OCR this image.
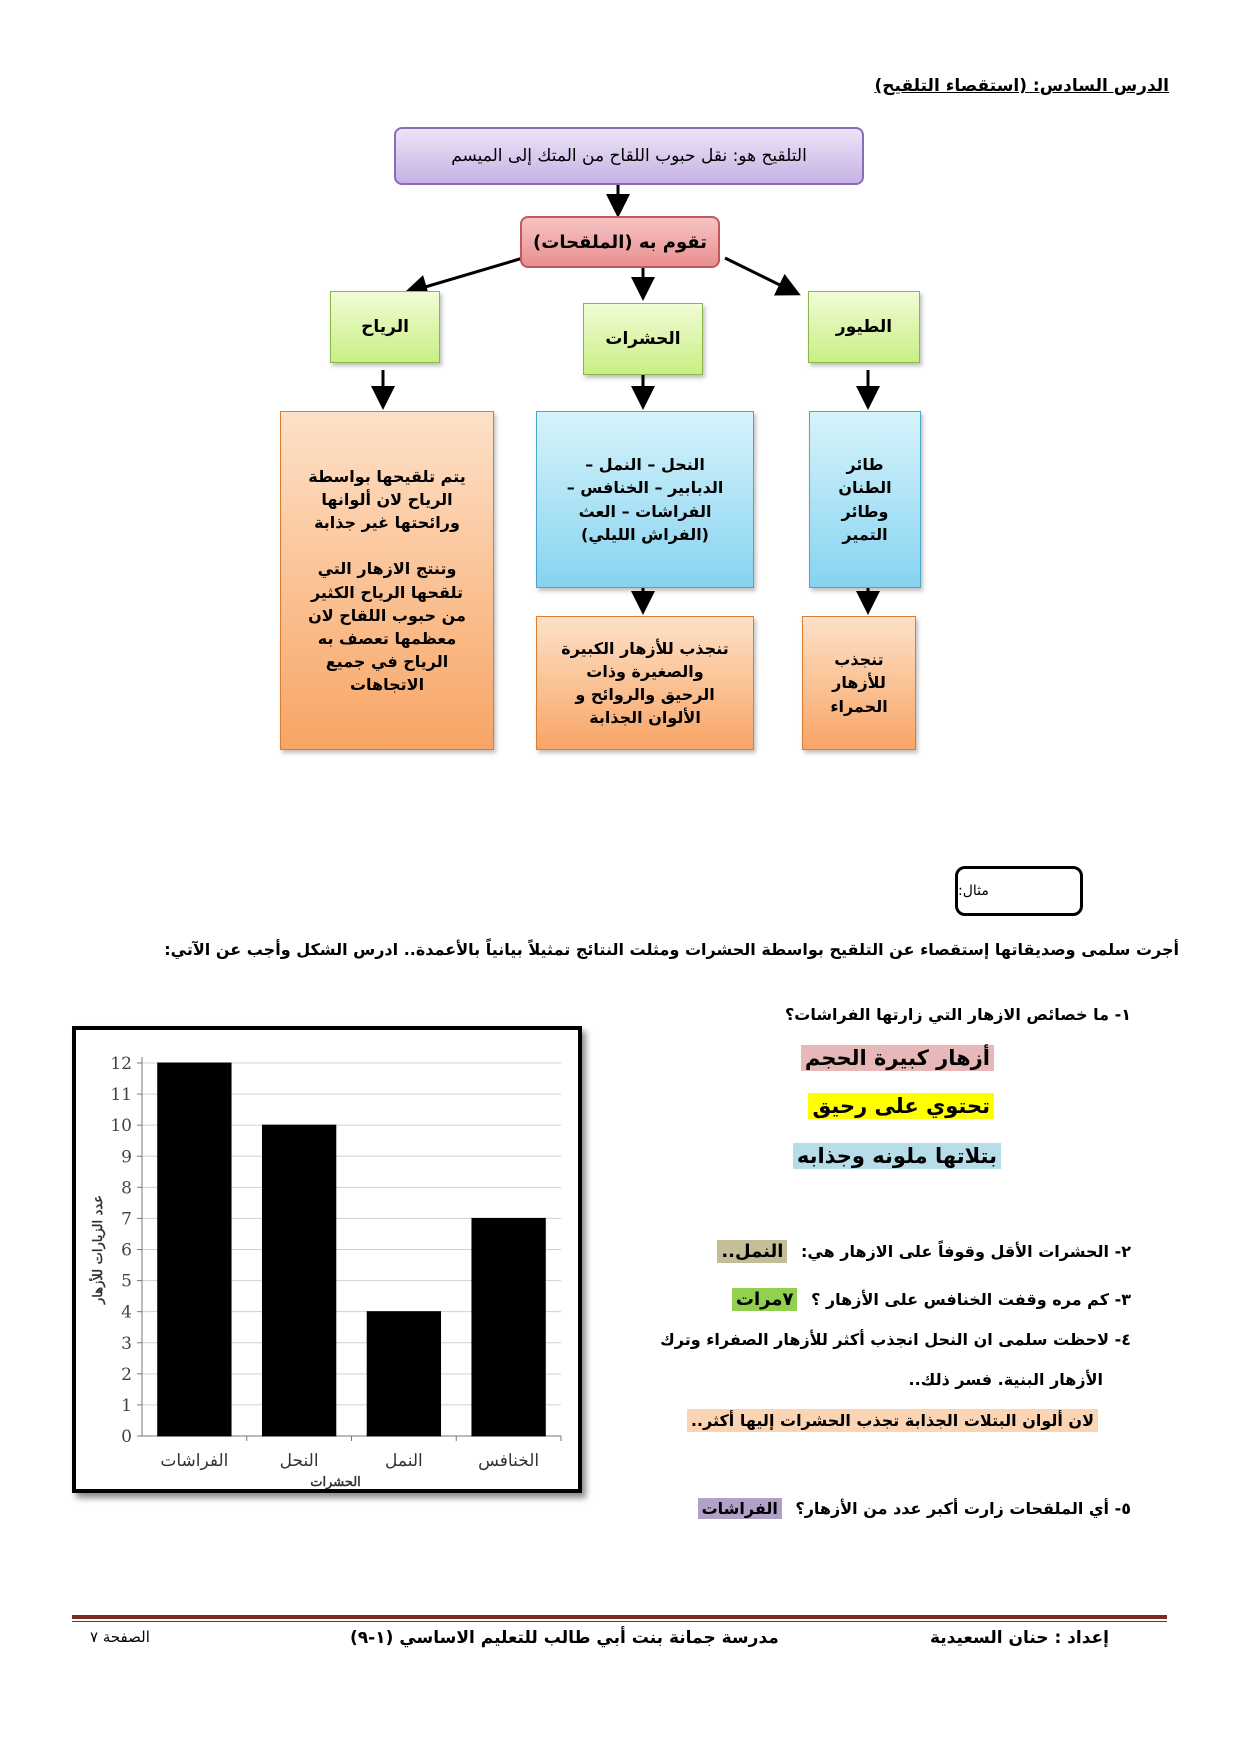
الدرس السادس: (استقصاء التلقيح)
التلقيح هو: نقل حبوب اللقاح من المتك إلى الميسم
تقوم به (الملقحات)
الرياح
الحشرات
الطيور
يتم تلقيحها بواسطة
الرياح لان ألوانها
ورائحتها غير جذابة

وتنتج الازهار التي
تلقحها الرياح الكثير
من حبوب اللقاح لان
معظمها تعصف به
الرياح في جميع
الاتجاهات
النحل – النمل –
الدبابير – الخنافس –
الفراشات – العث
(الفراش الليلي)
طائر
الطنان
وطائر
التمير
تنجذب للأزهار الكبيرة
والصغيرة وذات
الرحيق والروائح و
الألوان الجذابة
تنجذب
للأزهار
الحمراء
مثال:
أجرت سلمى وصديقاتها إستقصاء عن التلقيح بواسطة الحشرات ومثلت النتائج تمثيلاً بيانياً بالأعمدة.. ادرس الشكل وأجب عن الآتي:
١- ما خصائص الازهار التي زارتها الفراشات؟
أزهار كبيرة الحجم
تحتوي على رحيق
بتلاتها ملونه وجذابه
٢- الحشرات الأقل وقوفاً على الازهار هي: النمل..
٣- كم مره وقفت الخنافس على الأزهار ؟ ٧مرات
٤- لاحظت سلمى ان النحل انجذب أكثر للأزهار الصفراء وترك
الأزهار البنية. فسر ذلك..
لان ألوان البتلات الجذابة تجذب الحشرات إليها أكثر..
٥- أي الملقحات زارت أكبر عدد من الأزهار؟ الفراشات
0
1
2
3
4
5
6
7
8
9
10
11
12
الفراشات	النحل	النمل	الخنافس
الحشرات
عدد الزيارات للأزهار
إعداد : حنان السعيدية
مدرسة جمانة بنت أبي طالب للتعليم الاساسي (١-٩)
الصفحة ٧
